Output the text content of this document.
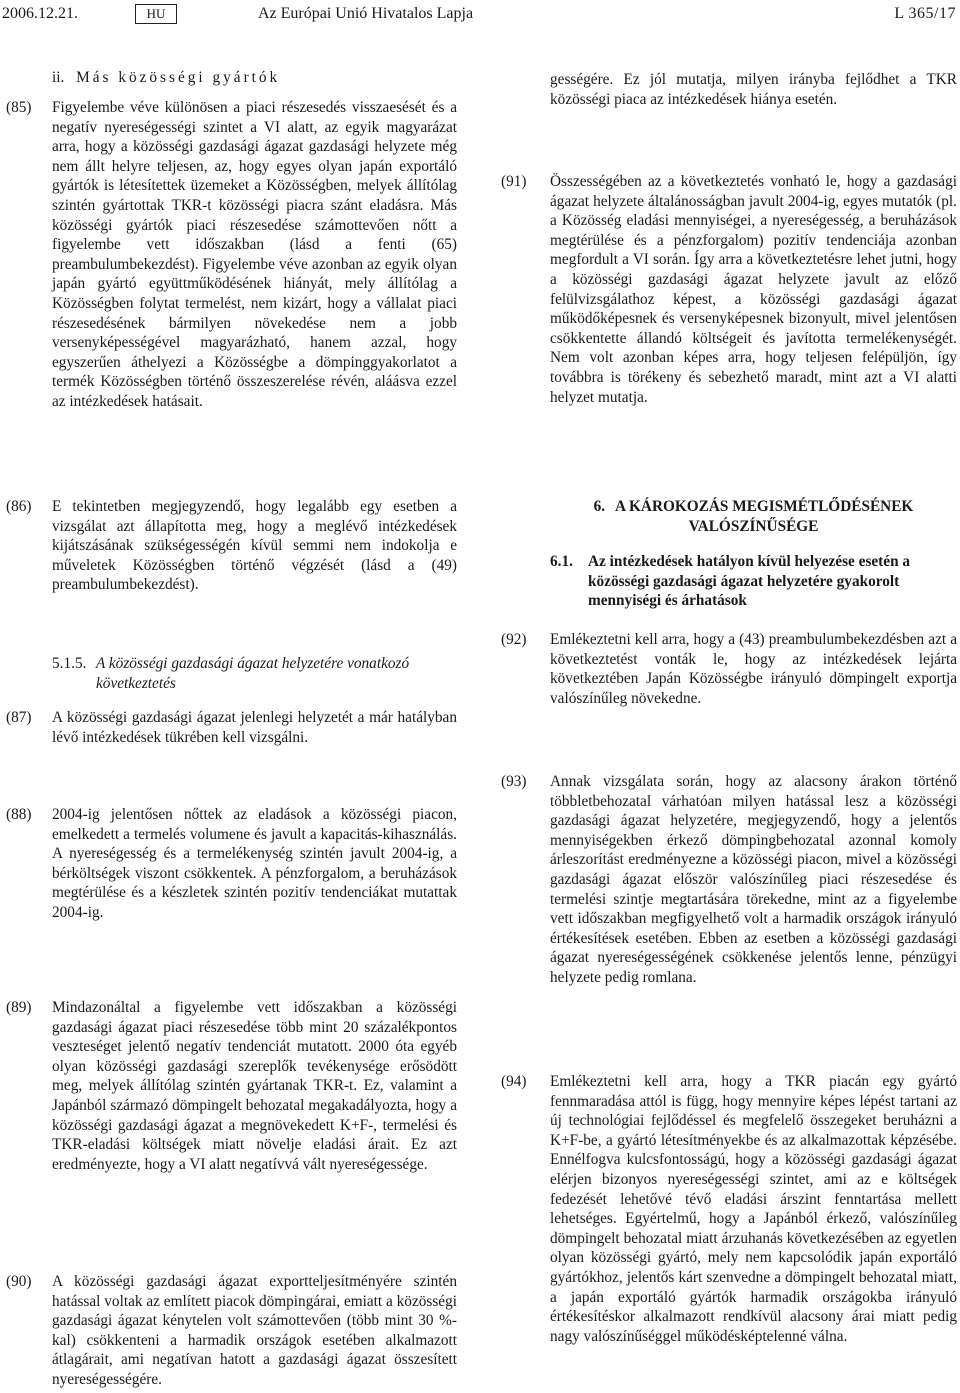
2006.12.21.	HU	Az Európai Unió Hivatalos Lapja	L 365/17
ii. Más közösségi gyártók
(85)	Figyelembe véve különösen a piaci részesedés visszaesését és a negatív nyereségességi szintet a VI alatt, az egyik magyarázat arra, hogy a közösségi gazdasági ágazat gazdasági helyzete még nem állt helyre teljesen, az, hogy egyes olyan japán exportáló gyártók is létesítettek üzemeket a Közösségben, melyek állítólag szintén gyártottak TKR-t közösségi piacra szánt eladásra. Más közösségi gyártók piaci részesedése számottevően nőtt a figyelembe vett időszakban (lásd a fenti (65) preambulumbekezdést). Figyelembe véve azonban az egyik olyan japán gyártó együttműködésének hiányát, mely állítólag a Közösségben folytat termelést, nem kizárt, hogy a vállalat piaci részesedésének bármilyen növekedése nem a jobb versenyképességével magyarázható, hanem azzal, hogy egyszerűen áthelyezi a Közösségbe a dömpinggyakorlatot a termék Közösségben történő összeszerelése révén, aláásva ezzel az intézkedések hatásait.
gességére. Ez jól mutatja, milyen irányba fejlődhet a TKR közösségi piaca az intézkedések hiánya esetén.
(91)	Összességében az a következtetés vonható le, hogy a gazdasági ágazat helyzete általánosságban javult 2004-ig, egyes mutatók (pl. a Közösség eladási mennyiségei, a nyereségesség, a beruházások megtérülése és a pénzforgalom) pozitív tendenciája azonban megfordult a VI során. Így arra a következtetésre lehet jutni, hogy a közösségi gazdasági ágazat helyzete javult az előző felülvizsgálathoz képest, a közösségi gazdasági ágazat működőképesnek és versenyképesnek bizonyult, mivel jelentősen csökkentette állandó költségeit és javította termelékenységét. Nem volt azonban képes arra, hogy teljesen felépüljön, így továbbra is törékeny és sebezhető maradt, mint azt a VI alatti helyzet mutatja.
(86)	E tekintetben megjegyzendő, hogy legalább egy esetben a vizsgálat azt állapította meg, hogy a meglévő intézkedések kijátszásának szükségességén kívül semmi nem indokolja e műveletek Közösségben történő végzését (lásd a (49) preambulumbekezdést).
5.1.5. A közösségi gazdasági ágazat helyzetére vonatkozó következtetés
(87)	A közösségi gazdasági ágazat jelenlegi helyzetét a már hatályban lévő intézkedések tükrében kell vizsgálni.
(88)	2004-ig jelentősen nőttek az eladások a közösségi piacon, emelkedett a termelés volumene és javult a kapacitás-kihasználás. A nyereségesség és a termelékenység szintén javult 2004-ig, a bérköltségek viszont csökkentek. A pénzforgalom, a beruházások megtérülése és a készletek szintén pozitív tendenciákat mutattak 2004-ig.
(89)	Mindazonáltal a figyelembe vett időszakban a közösségi gazdasági ágazat piaci részesedése több mint 20 százalékpontos veszteséget jelentő negatív tendenciát mutatott. 2000 óta egyéb olyan közösségi gazdasági szereplők tevékenysége erősödött meg, melyek állítólag szintén gyártanak TKR-t. Ez, valamint a Japánból származó dömpingelt behozatal megakadályozta, hogy a közösségi gazdasági ágazat a megnövekedett K+F-, termelési és TKR-eladási költségek miatt növelje eladási árait. Ez azt eredményezte, hogy a VI alatt negatívvá vált nyereségessége.
(90)	A közösségi gazdasági ágazat exportteljesítményére szintén hatással voltak az említett piacok dömpingárai, emiatt a közösségi gazdasági ágazat kénytelen volt számottevően (több mint 30 %-kal) csökkenteni a harmadik országok esetében alkalmazott átlagárait, ami negatívan hatott a gazdasági ágazat összesített nyereségességére.
6. A KÁROKOZÁS MEGISMÉTLŐDÉSÉNEK
VALÓSZÍNŰSÉGE
6.1. Az intézkedések hatályon kívül helyezése esetén a közösségi gazdasági ágazat helyzetére gyakorolt mennyiségi és árhatások
(92)	Emlékeztetni kell arra, hogy a (43) preambulumbekezdésben azt a következtetést vonták le, hogy az intézkedések lejárta következtében Japán Közösségbe irányuló dömpingelt exportja valószínűleg növekedne.
(93)	Annak vizsgálata során, hogy az alacsony árakon történő többletbehozatal várhatóan milyen hatással lesz a közösségi gazdasági ágazat helyzetére, megjegyzendő, hogy a jelentős mennyiségekben érkező dömpingbehozatal azonnal komoly árleszorítást eredményezne a közösségi piacon, mivel a közösségi gazdasági ágazat először valószínűleg piaci részesedése és termelési szintje megtartására törekedne, mint az a figyelembe vett időszakban megfigyelhető volt a harmadik országok irányuló értékesítések esetében. Ebben az esetben a közösségi gazdasági ágazat nyereségességének csökkenése jelentős lenne, pénzügyi helyzete pedig romlana.
(94)	Emlékeztetni kell arra, hogy a TKR piacán egy gyártó fennmaradása attól is függ, hogy mennyire képes lépést tartani az új technológiai fejlődéssel és megfelelő összegeket beruházni a K+F-be, a gyártó létesítményekbe és az alkalmazottak képzésébe. Ennélfogva kulcsfontosságú, hogy a közösségi gazdasági ágazat elérjen bizonyos nyereségességi szintet, ami az e költségek fedezését lehetővé tévő eladási árszint fenntartása mellett lehetséges. Egyértelmű, hogy a Japánból érkező, valószínűleg dömpingelt behozatal miatt árzuhanás következésében az egyetlen olyan közösségi gyártó, mely nem kapcsolódik japán exportáló gyártókhoz, jelentős kárt szenvedne a dömpingelt behozatal miatt, a japán exportáló gyártók harmadik országokba irányuló értékesítéskor alkalmazott rendkívül alacsony árai miatt pedig nagy valószínűséggel működésképtelenné válna.
